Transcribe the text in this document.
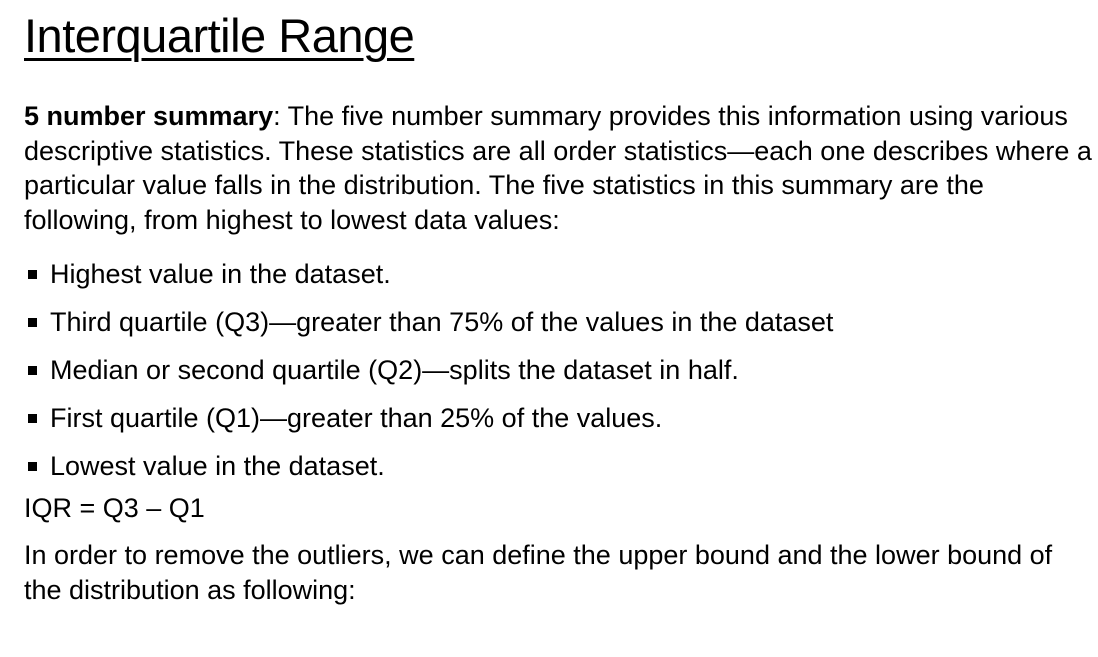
Interquartile Range

5 number summary: The five number summary provides this information using various descriptive statistics. These statistics are all order statistics—each one describes where a particular value falls in the distribution. The five statistics in this summary are the following, from highest to lowest data values:

Highest value in the dataset.
Third quartile (Q3)—greater than 75% of the values in the dataset
Median or second quartile (Q2)—splits the dataset in half.
First quartile (Q1)—greater than 25% of the values.
Lowest value in the dataset.

IQR = Q3 – Q1

In order to remove the outliers, we can define the upper bound and the lower bound of the distribution as following:
